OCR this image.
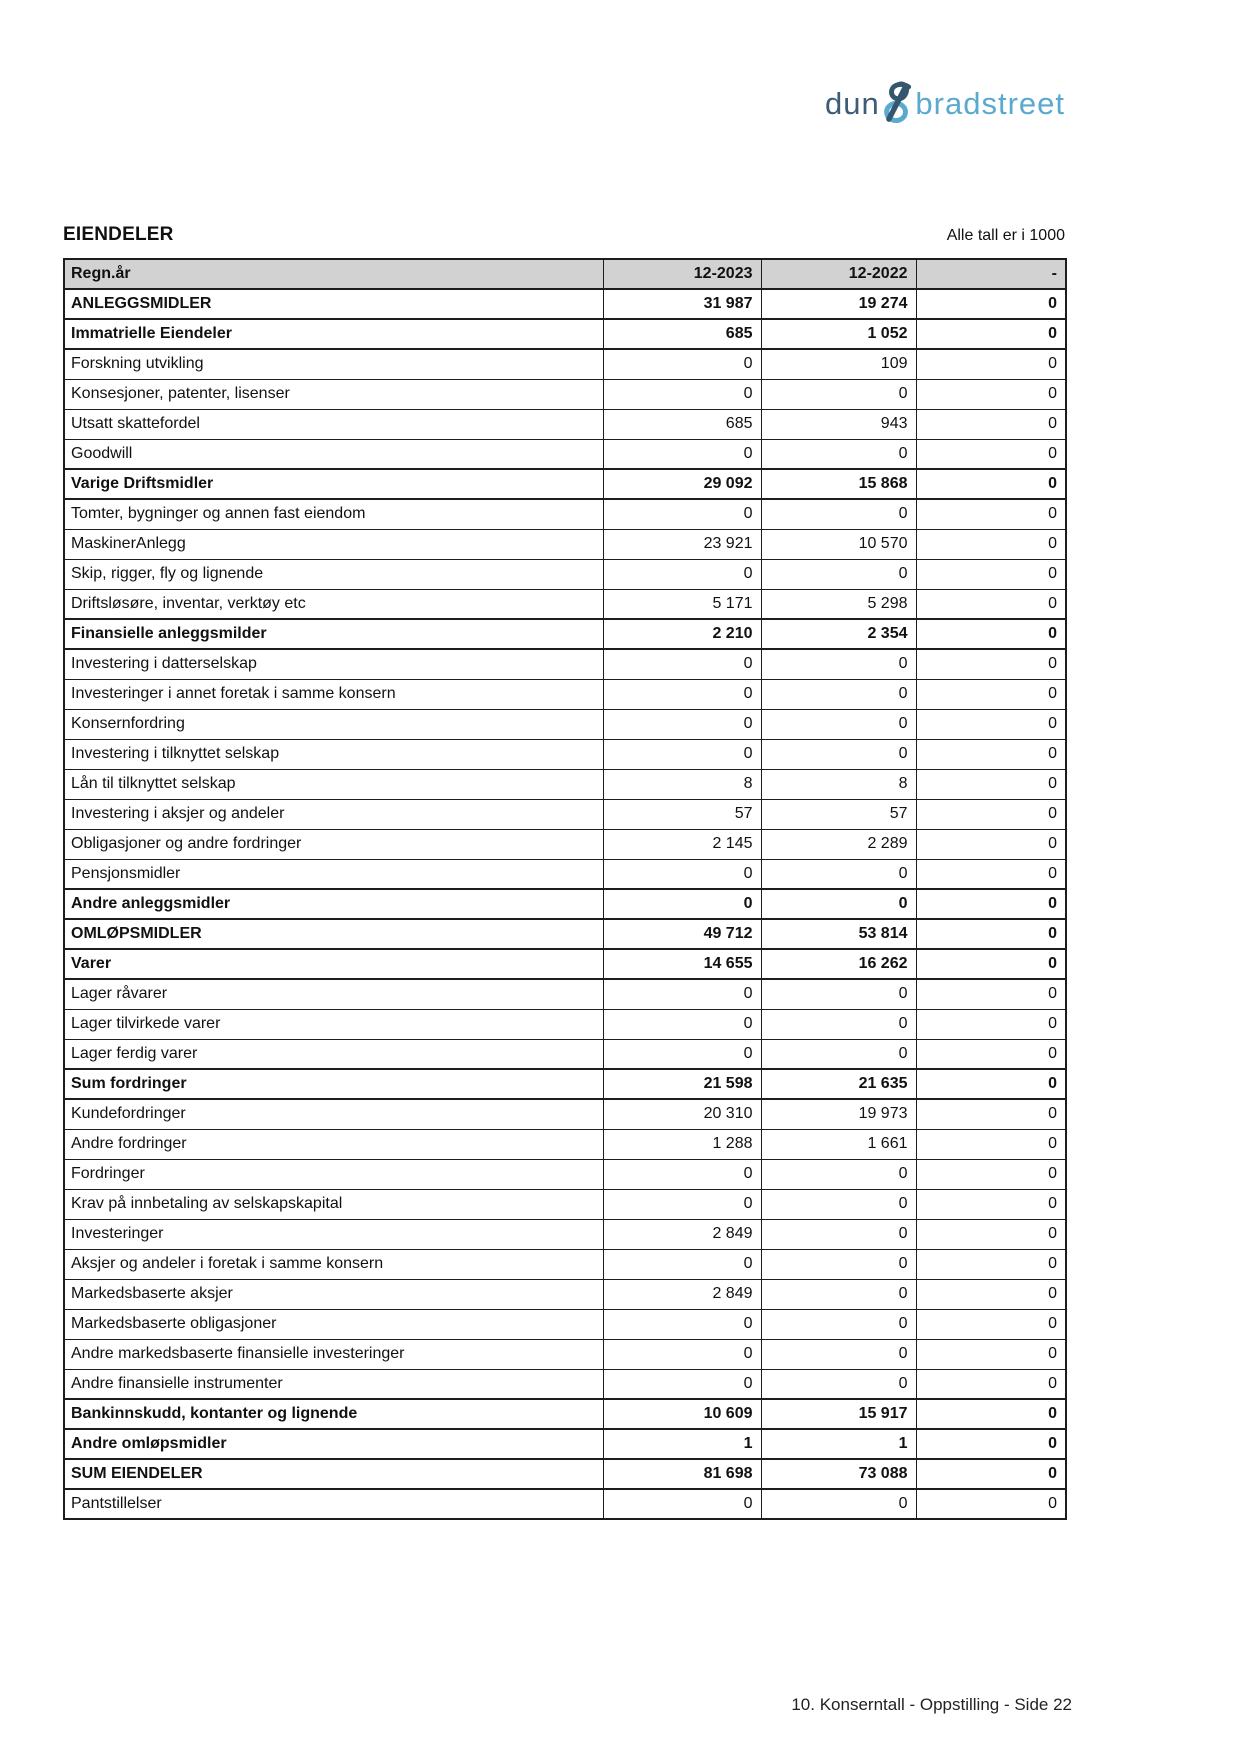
dun bradstreet
EIENDELER	Alle tall er i 1000
Regn.år	12-2023	12-2022	-
ANLEGGSMIDLER	31 987	19 274	0
Immatrielle Eiendeler	685	1 052	0
Forskning utvikling	0	109	0
Konsesjoner, patenter, lisenser	0	0	0
Utsatt skattefordel	685	943	0
Goodwill	0	0	0
Varige Driftsmidler	29 092	15 868	0
Tomter, bygninger og annen fast eiendom	0	0	0
MaskinerAnlegg	23 921	10 570	0
Skip, rigger, fly og lignende	0	0	0
Driftsløsøre, inventar, verktøy etc	5 171	5 298	0
Finansielle anleggsmilder	2 210	2 354	0
Investering i datterselskap	0	0	0
Investeringer i annet foretak i samme konsern	0	0	0
Konsernfordring	0	0	0
Investering i tilknyttet selskap	0	0	0
Lån til tilknyttet selskap	8	8	0
Investering i aksjer og andeler	57	57	0
Obligasjoner og andre fordringer	2 145	2 289	0
Pensjonsmidler	0	0	0
Andre anleggsmidler	0	0	0
OMLØPSMIDLER	49 712	53 814	0
Varer	14 655	16 262	0
Lager råvarer	0	0	0
Lager tilvirkede varer	0	0	0
Lager ferdig varer	0	0	0
Sum fordringer	21 598	21 635	0
Kundefordringer	20 310	19 973	0
Andre fordringer	1 288	1 661	0
Fordringer	0	0	0
Krav på innbetaling av selskapskapital	0	0	0
Investeringer	2 849	0	0
Aksjer og andeler i foretak i samme konsern	0	0	0
Markedsbaserte aksjer	2 849	0	0
Markedsbaserte obligasjoner	0	0	0
Andre markedsbaserte finansielle investeringer	0	0	0
Andre finansielle instrumenter	0	0	0
Bankinnskudd, kontanter og lignende	10 609	15 917	0
Andre omløpsmidler	1	1	0
SUM EIENDELER	81 698	73 088	0
Pantstillelser	0	0	0
10. Konserntall - Oppstilling - Side 22
